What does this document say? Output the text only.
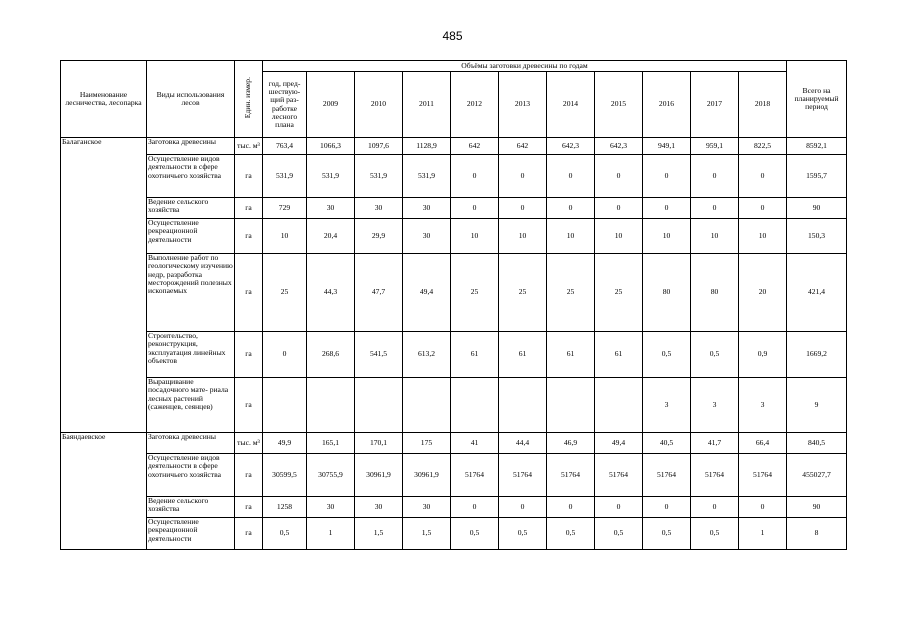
485
Наименование лесничества, лесопарка	Виды использования лесов	Един. измер.	Объёмы заготовки древесины по годам											Всего на планируемый период
			год, пред- шествую- щий раз- работке лесного плана	2009	2010	2011	2012	2013	2014	2015	2016	2017	2018	
Балаганское	Заготовка древесины	тыс. м³	763,4	1066,3	1097,6	1128,9	642	642	642,3	642,3	949,1	959,1	822,5	8592,1
	Осуществление видов деятельности в сфере охотничьего хозяйства	га	531,9	531,9	531,9	531,9	0	0	0	0	0	0	0	1595,7
	Ведение сельского хозяйства	га	729	30	30	30	0	0	0	0	0	0	0	90
	Осуществление рекреационной деятельности	га	10	20,4	29,9	30	10	10	10	10	10	10	10	150,3
	Выполнение работ по геологическому изучению недр, разработка месторождений полезных ископаемых	га	25	44,3	47,7	49,4	25	25	25	25	80	80	20	421,4
	Строительство, реконструкция, эксплуатация линейных объектов	га	0	268,6	541,5	613,2	61	61	61	61	0,5	0,5	0,9	1669,2
	Выращивание посадочного мате- риала лесных растений (саженцев, сеянцев)	га									3	3	3	9
Баяндаевское	Заготовка древесины	тыс. м³	49,9	165,1	170,1	175	41	44,4	46,9	49,4	40,5	41,7	66,4	840,5
	Осуществление видов деятельности в сфере охотничьего хозяйства	га	30599,5	30755,9	30961,9	30961,9	51764	51764	51764	51764	51764	51764	51764	455027,7
	Ведение сельского хозяйства	га	1258	30	30	30	0	0	0	0	0	0	0	90
	Осуществление рекреационной деятельности	га	0,5	1	1,5	1,5	0,5	0,5	0,5	0,5	0,5	0,5	1	8
